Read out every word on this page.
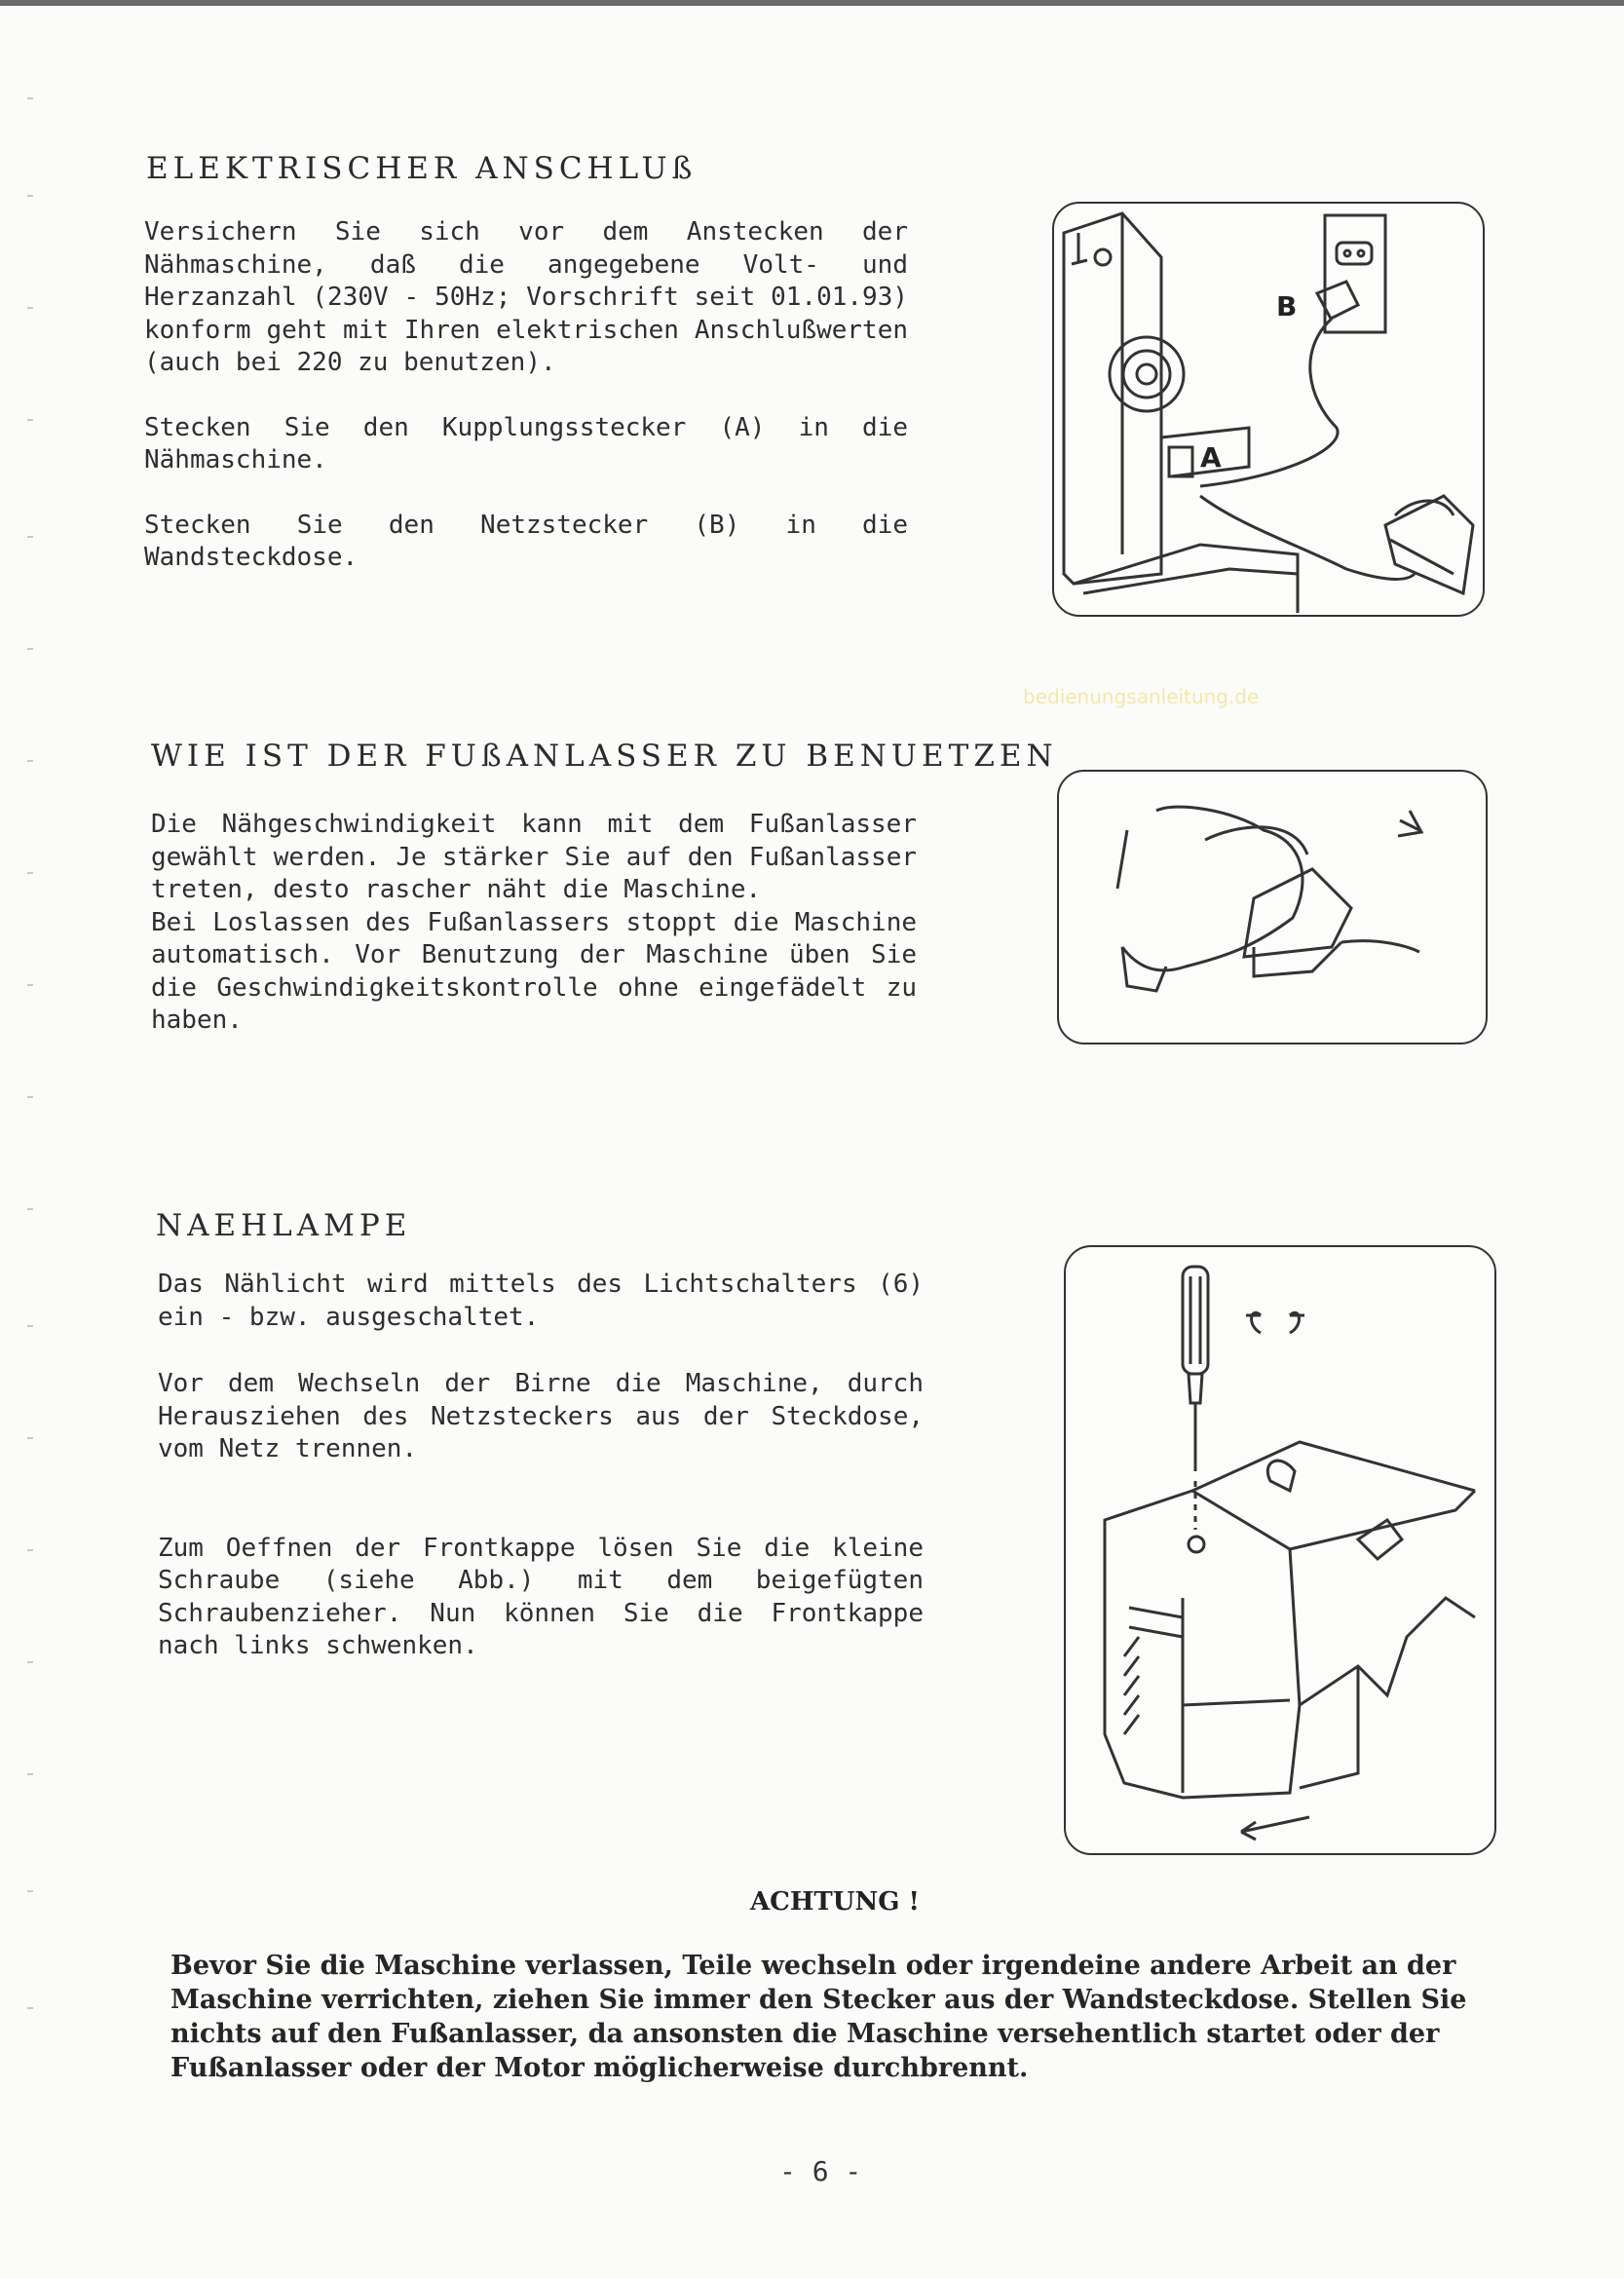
ELEKTRISCHER ANSCHLUß

Versichern Sie sich vor dem Anstecken der Nähmaschine, daß die angegebene Volt- und Herzanzahl (230V - 50Hz; Vorschrift seit 01.01.93) konform geht mit Ihren elektrischen Anschlußwerten (auch bei 220 zu benutzen).

Stecken Sie den Kupplungsstecker (A) in die Nähmaschine.

Stecken Sie den Netzstecker (B) in die Wandsteckdose.

B
A
bedienungsanleitung.de
WIE IST DER FUßANLASSER ZU BENUETZEN

Die Nähgeschwindigkeit kann mit dem Fußanlasser gewählt werden. Je stärker Sie auf den Fußanlasser treten, desto rascher näht die Maschine.

Bei Loslassen des Fußanlassers stoppt die Maschine automatisch. Vor Benutzung der Maschine üben Sie die Geschwindigkeitskontrolle ohne eingefädelt zu haben.

NAEHLAMPE

Das Nählicht wird mittels des Lichtschalters (6) ein - bzw. ausgeschaltet.

Vor dem Wechseln der Birne die Maschine, durch Herausziehen des Netzsteckers aus der Steckdose, vom Netz trennen.

Zum Oeffnen der Frontkappe lösen Sie die kleine Schraube (siehe Abb.) mit dem beigefügten Schraubenzieher. Nun können Sie die Frontkappe nach links schwenken.

ACHTUNG !
Bevor Sie die Maschine verlassen, Teile wechseln oder irgendeine andere Arbeit an der Maschine verrichten, ziehen Sie immer den Stecker aus der Wandsteckdose. Stellen Sie nichts auf den Fußanlasser, da ansonsten die Maschine versehentlich startet oder der Fußanlasser oder der Motor möglicherweise durchbrennt.
- 6 -
